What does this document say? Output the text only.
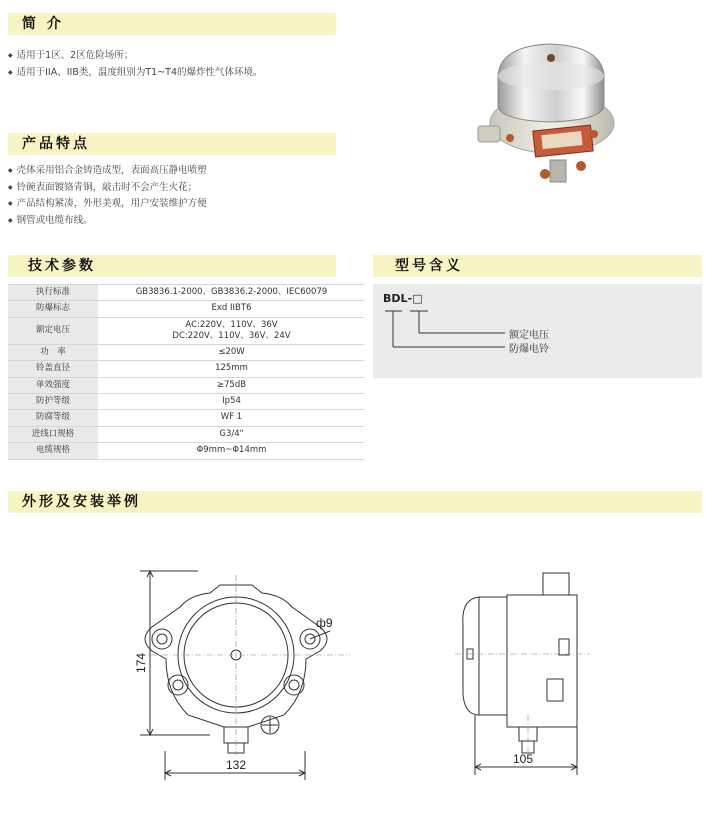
简 介
◆ 适用于1区、2区危险场所；
◆ 适用于IIA、IIB类，温度组别为T1~T4的爆炸性气体环境。
产品特点
◆ 壳体采用铝合金铸造成型，表面高压静电喷塑
◆ 铃碗表面镀铬青铜，敲击时不会产生火花；
◆ 产品结构紧凑，外形美观，用户安装维护方便
◆ 钢管或电缆布线。
技术参数
执行标准	GB3836.1-2000、GB3836.2-2000、IEC60079
防爆标志	Exd IIBT6
额定电压	AC:220V、110V、36V
DC:220V、110V、36V、24V

功　率	≤20W
铃盖直径	125mm
单效强度	≥75dB
防护等级	Ip54
防腐等级	WF 1
进线口规格	G3/4"
电缆规格	Φ9mm~Φ14mm
型号含义
BDL-□
额定电压
防爆电铃
外形及安装举例
174
132
ф9
105
